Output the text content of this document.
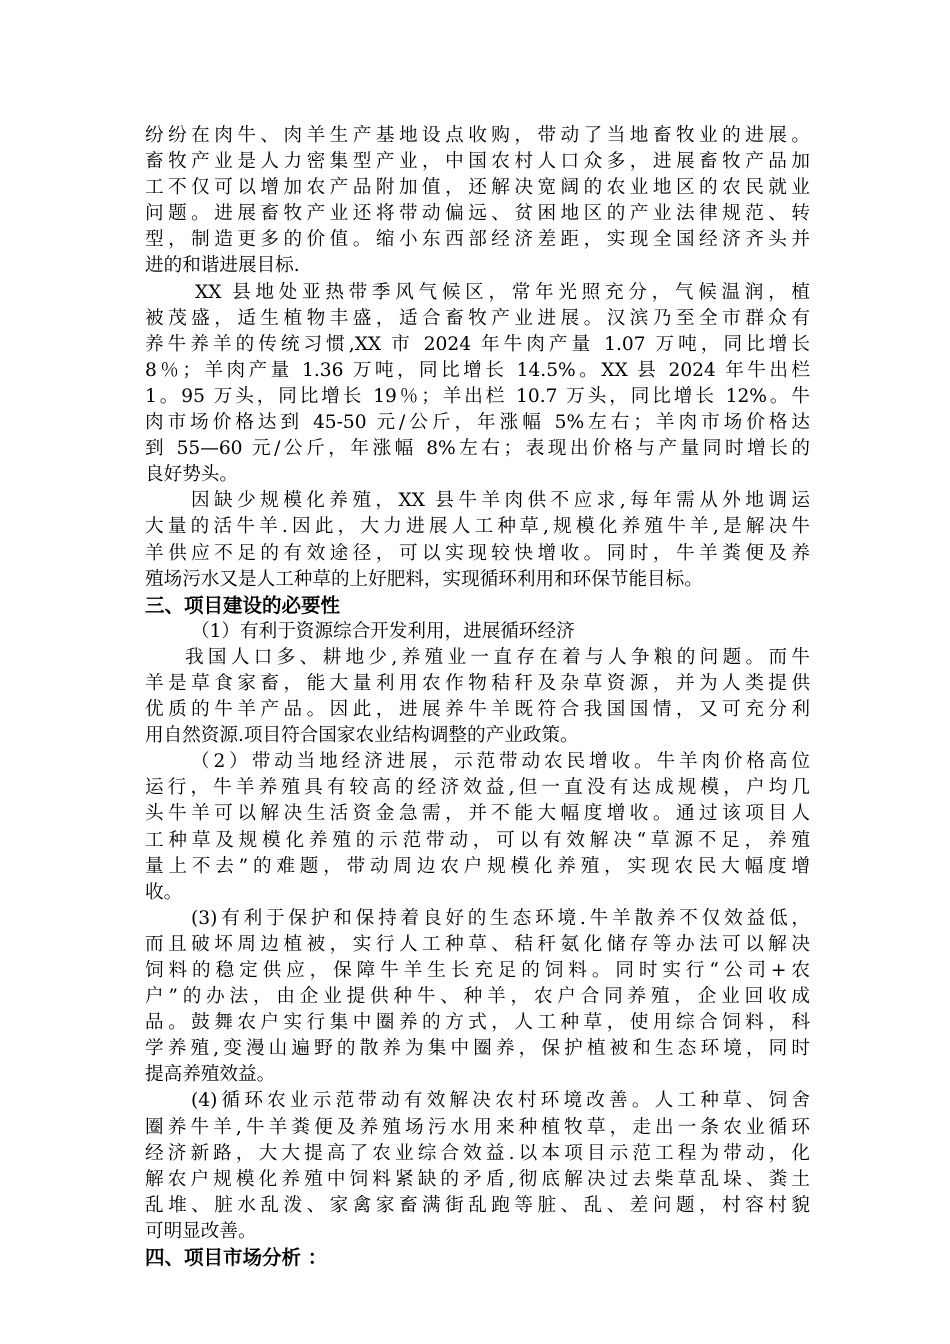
纷纷在肉牛、肉羊生产基地设点收购，带动了当地畜牧业的进展。
畜牧产业是人力密集型产业，中国农村人口众多，进展畜牧产品加
工不仅可以增加农产品附加值，还解决宽阔的农业地区的农民就业
问题。进展畜牧产业还将带动偏远、贫困地区的产业法律规范、转
型，制造更多的价值。缩小东西部经济差距，实现全国经济齐头并
进的和谐进展目标.
XX 县地处亚热带季风气候区，常年光照充分，气候温润，植
被茂盛，适生植物丰盛，适合畜牧产业进展。汉滨乃至全市群众有
养牛养羊的传统习惯,XX 市 2024 年牛肉产量 1.07 万吨，同比增长
8％；羊肉产量 1.36 万吨，同比增长 14.5%。XX 县 2024 年牛出栏
1。95 万头，同比增长 19％；羊出栏 10.7 万头，同比增长 12%。牛
肉市场价格达到 45-50 元/公斤，年涨幅 5%左右；羊肉市场价格达
到 55—60 元/公斤，年涨幅 8%左右；表现出价格与产量同时增长的
良好势头。
因缺少规模化养殖，XX 县牛羊肉供不应求,每年需从外地调运
大量的活牛羊.因此，大力进展人工种草,规模化养殖牛羊,是解决牛
羊供应不足的有效途径，可以实现较快增收。同时，牛羊粪便及养
殖场污水又是人工种草的上好肥料，实现循环利用和环保节能目标。
三、项目建设的必要性
（1）有利于资源综合开发利用，进展循环经济
我国人口多、耕地少,养殖业一直存在着与人争粮的问题。而牛
羊是草食家畜，能大量利用农作物秸秆及杂草资源，并为人类提供
优质的牛羊产品。因此，进展养牛羊既符合我国国情，又可充分利
用自然资源.项目符合国家农业结构调整的产业政策。
（2）带动当地经济进展，示范带动农民增收。牛羊肉价格高位
运行，牛羊养殖具有较高的经济效益,但一直没有达成规模，户均几
头牛羊可以解决生活资金急需，并不能大幅度增收。通过该项目人
工种草及规模化养殖的示范带动，可以有效解决“草源不足，养殖
量上不去”的难题，带动周边农户规模化养殖，实现农民大幅度增
收。
(3)有利于保护和保持着良好的生态环境.牛羊散养不仅效益低，
而且破坏周边植被，实行人工种草、秸秆氨化储存等办法可以解决
饲料的稳定供应，保障牛羊生长充足的饲料。同时实行“公司+农
户”的办法，由企业提供种牛、种羊，农户合同养殖，企业回收成
品。鼓舞农户实行集中圈养的方式，人工种草，使用综合饲料，科
学养殖,变漫山遍野的散养为集中圈养，保护植被和生态环境，同时
提高养殖效益。
(4)循环农业示范带动有效解决农村环境改善。人工种草、饲舍
圈养牛羊,牛羊粪便及养殖场污水用来种植牧草，走出一条农业循环
经济新路，大大提高了农业综合效益.以本项目示范工程为带动，化
解农户规模化养殖中饲料紧缺的矛盾,彻底解决过去柴草乱垛、粪土
乱堆、脏水乱泼、家禽家畜满街乱跑等脏、乱、差问题，村容村貌
可明显改善。
四、项目市场分析 ：
